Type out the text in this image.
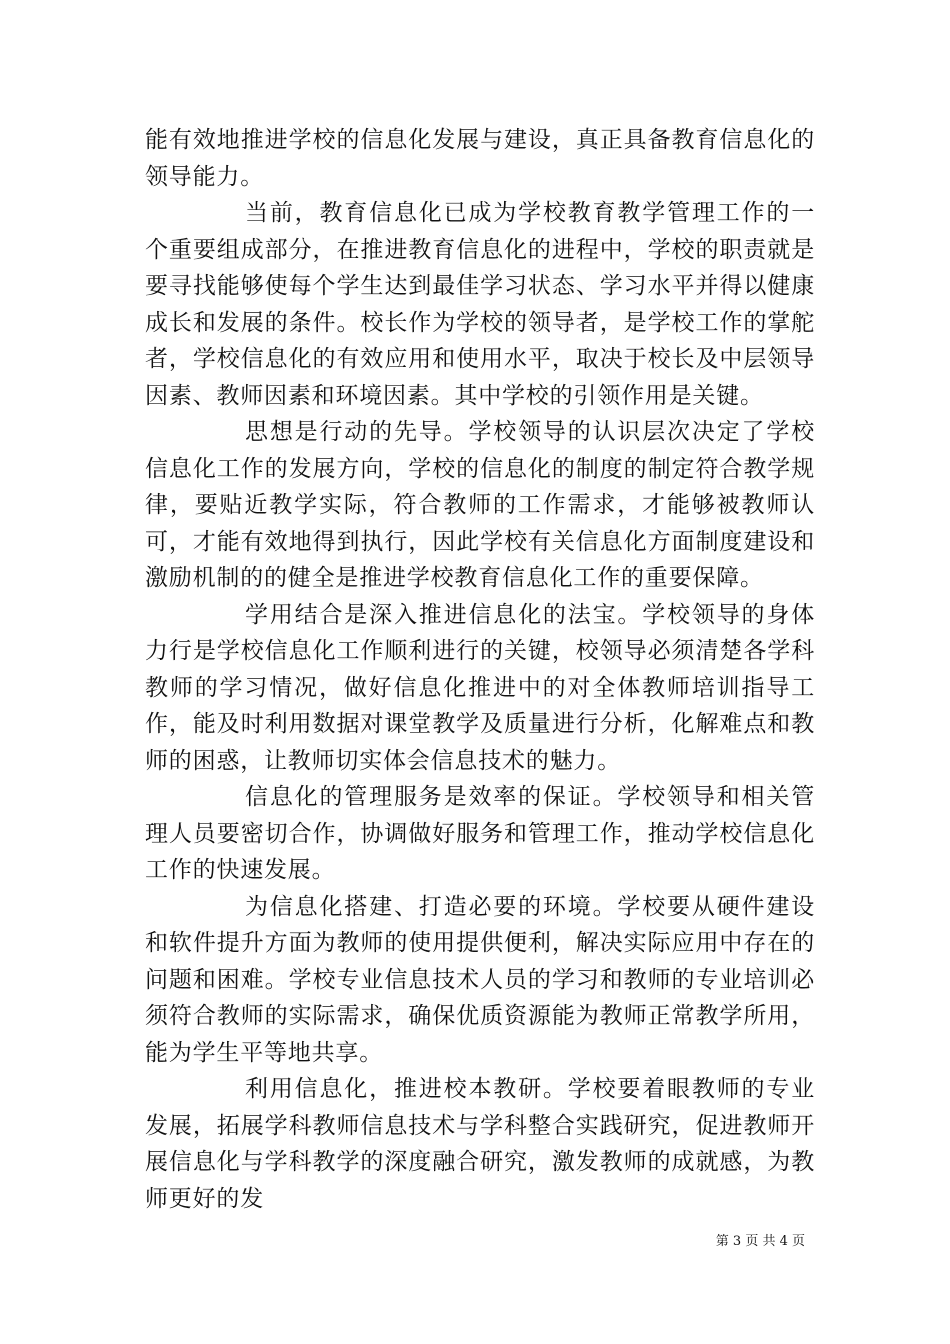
能有效地推进学校的信息化发展与建设，真正具备教育信息化的领导能力。

当前，教育信息化已成为学校教育教学管理工作的一个重要组成部分，在推进教育信息化的进程中，学校的职责就是要寻找能够使每个学生达到最佳学习状态、学习水平并得以健康成长和发展的条件。校长作为学校的领导者，是学校工作的掌舵者，学校信息化的有效应用和使用水平，取决于校长及中层领导因素、教师因素和环境因素。其中学校的引领作用是关键。

思想是行动的先导。学校领导的认识层次决定了学校信息化工作的发展方向，学校的信息化的制度的制定符合教学规律，要贴近教学实际，符合教师的工作需求，才能够被教师认可，才能有效地得到执行，因此学校有关信息化方面制度建设和激励机制的的健全是推进学校教育信息化工作的重要保障。

学用结合是深入推进信息化的法宝。学校领导的身体力行是学校信息化工作顺利进行的关键，校领导必须清楚各学科教师的学习情况，做好信息化推进中的对全体教师培训指导工作，能及时利用数据对课堂教学及质量进行分析，化解难点和教师的困惑，让教师切实体会信息技术的魅力。

信息化的管理服务是效率的保证。学校领导和相关管理人员要密切合作，协调做好服务和管理工作，推动学校信息化工作的快速发展。

为信息化搭建、打造必要的环境。学校要从硬件建设和软件提升方面为教师的使用提供便利，解决实际应用中存在的问题和困难。学校专业信息技术人员的学习和教师的专业培训必须符合教师的实际需求，确保优质资源能为教师正常教学所用，能为学生平等地共享。

利用信息化，推进校本教研。学校要着眼教师的专业发展，拓展学科教师信息技术与学科整合实践研究，促进教师开展信息化与学科教学的深度融合研究，激发教师的成就感，为教师更好的发

第 3 页 共 4 页
